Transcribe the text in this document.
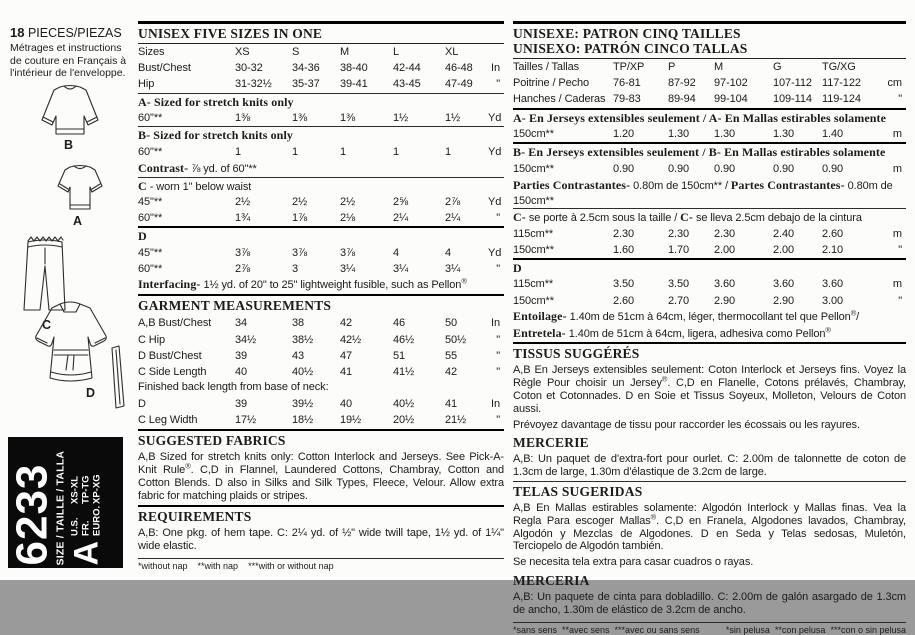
18 PIECES/PIEZAS
Métrages et instructions de couture en Français à l'intérieur de l'enveloppe.
B
A
C
D
6233
SIZE / TAILLE / TALLA A
U.S.XS-XL
FR.TP-TG
EURO.XP-XG
UNISEX FIVE SIZES IN ONE
Sizes	XS	S	M	L	XL
Bust/Chest	30-32	34-36	38-40	42-44	46-48	In
Hip	31-32½	35-37	39-41	43-45	47-49	"
A- Sized for stretch knits only
60"**	1⅜	1⅜	1⅜	1½	1½	Yd
B- Sized for stretch knits only
60"**	1	1	1	1	1	Yd
Contrast- ⅞ yd. of 60"**
C - worn 1" below waist
45"**	2½	2½	2½	2⅝	2⅞	Yd
60"**	1¾	1⅞	2⅛	2¼	2¼	"
D
45"**	3⅞	3⅞	3⅞	4	4	Yd
60"**	2⅞	3	3¼	3¼	3¼	"
Interfacing- 1½ yd. of 20" to 25" lightweight fusible, such as Pellon®
GARMENT MEASUREMENTS
A,B Bust/Chest	34	38	42	46	50	In
C Hip	34½	38½	42½	46½	50½	"
D Bust/Chest	39	43	47	51	55	"
C Side Length	40	40½	41	41½	42	"
Finished back length from base of neck:
D	39	39½	40	40½	41	In
C Leg Width	17½	18½	19½	20½	21½	"
SUGGESTED FABRICS
A,B Sized for stretch knits only: Cotton Interlock and Jerseys. See Pick-A-Knit Rule®. C,D in Flannel, Laundered Cottons, Chambray, Cotton and Cotton Blends. D also in Silks and Silk Types, Fleece, Velour. Allow extra fabric for matching plaids or stripes.
REQUIREMENTS
A,B: One pkg. of hem tape. C: 2¼ yd. of ½" wide twill tape, 1½ yd. of 1¼" wide elastic.
*without nap    **with nap    ***with or without nap
UNISEXE: PATRON CINQ TAILLES
UNISEXO: PATRÓN CINCO TALLAS
Tailles / Tallas	TP/XP	P	M	G	TG/XG
Poitrine / Pecho	76-81	87-92	97-102	107-112 117-122	cm
Hanches / Caderas 79-83	89-94	99-104	109-114 119-124	"
A- En Jerseys extensibles seulement / A- En Mallas estirables solamente
150cm**	1.20	1.30	1.30	1.30	1.40	m
B- En Jerseys extensibles seulement / B- En Mallas estirables solamente
150cm**	0.90	0.90	0.90	0.90	0.90	m
Parties Contrastantes- 0.80m de 150cm** / Partes Contrastantes- 0.80m de 150cm**
C- se porte à 2.5cm sous la taille / C- se lleva 2.5cm debajo de la cintura
115cm**	2.30	2.30	2.30	2.40	2.60	m
150cm**	1.60	1.70	2.00	2.00	2.10	"
D
115cm**	3.50	3.50	3.60	3.60	3.60	m
150cm**	2.60	2.70	2.90	2.90	3.00	"
Entoilage- 1.40m de 51cm à 64cm, léger, thermocollant tel que Pellon®/
Entretela- 1.40m de 51cm à 64cm, ligera, adhesiva como Pellon®
TISSUS SUGGÉRÉS
A,B En Jerseys extensibles seulement: Coton Interlock et Jerseys fins. Voyez la Règle Pour choisir un Jersey®. C,D en Flanelle, Cotons prélavés, Chambray, Coton et Cotonnades. D en Soie et Tissus Soyeux, Molleton, Velours de Coton aussi.
Prévoyez davantage de tissu pour raccorder les écossais ou les rayures.
MERCERIE
A,B: Un paquet de d'extra-fort pour ourlet. C: 2.00m de talonnette de coton de 1.3cm de large, 1.30m d'élastique de 3.2cm de large.
TELAS SUGERIDAS
A,B En Mallas estirables solamente: Algodón Interlock y Mallas finas. Vea la Regla Para escoger Mallas®. C,D en Franela, Algodones lavados, Chambray, Algodón y Mezclas de Algodones. D en Seda y Telas sedosas, Muletón, Terciopelo de Algodón también.
Se necesita tela extra para casar cuadros o rayas.
MERCERIA
A,B: Un paquete de cinta para dobladillo. C: 2.00m de galón asargado de 1.3cm de ancho, 1.30m de elástico de 3.2cm de ancho.
*sans sens  **avec sens  ***avec ou sans sens	*sin pelusa  **con pelusa  ***con o sin pelusa
